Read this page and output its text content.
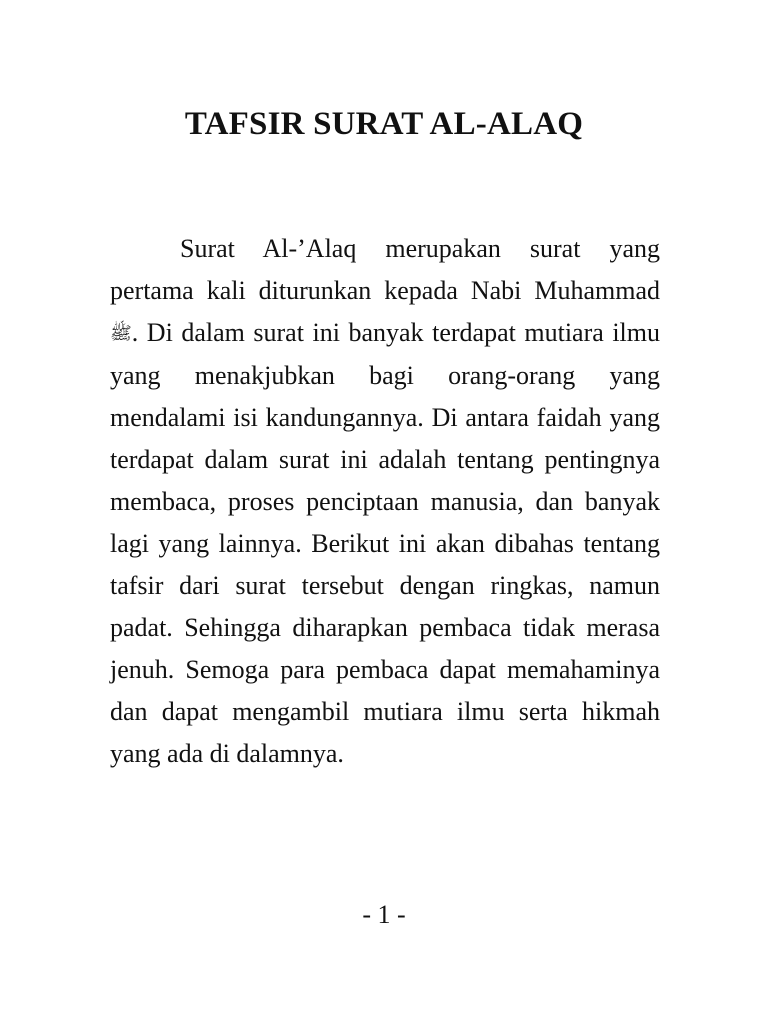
TAFSIR SURAT AL-ALAQ

Surat Al-’Alaq merupakan surat yang pertama kali diturunkan kepada Nabi Muhammad ﷺ. Di dalam surat ini banyak terdapat mutiara ilmu yang menakjubkan bagi orang-orang yang mendalami isi kandungannya. Di antara faidah yang terdapat dalam surat ini adalah tentang pentingnya membaca, proses penciptaan manusia, dan banyak lagi yang lainnya. Berikut ini akan dibahas tentang tafsir dari surat tersebut dengan ringkas, namun padat. Sehingga diharapkan pembaca tidak merasa jenuh. Semoga para pembaca dapat memahaminya dan dapat mengambil mutiara ilmu serta hikmah yang ada di dalamnya.

- 1 -
